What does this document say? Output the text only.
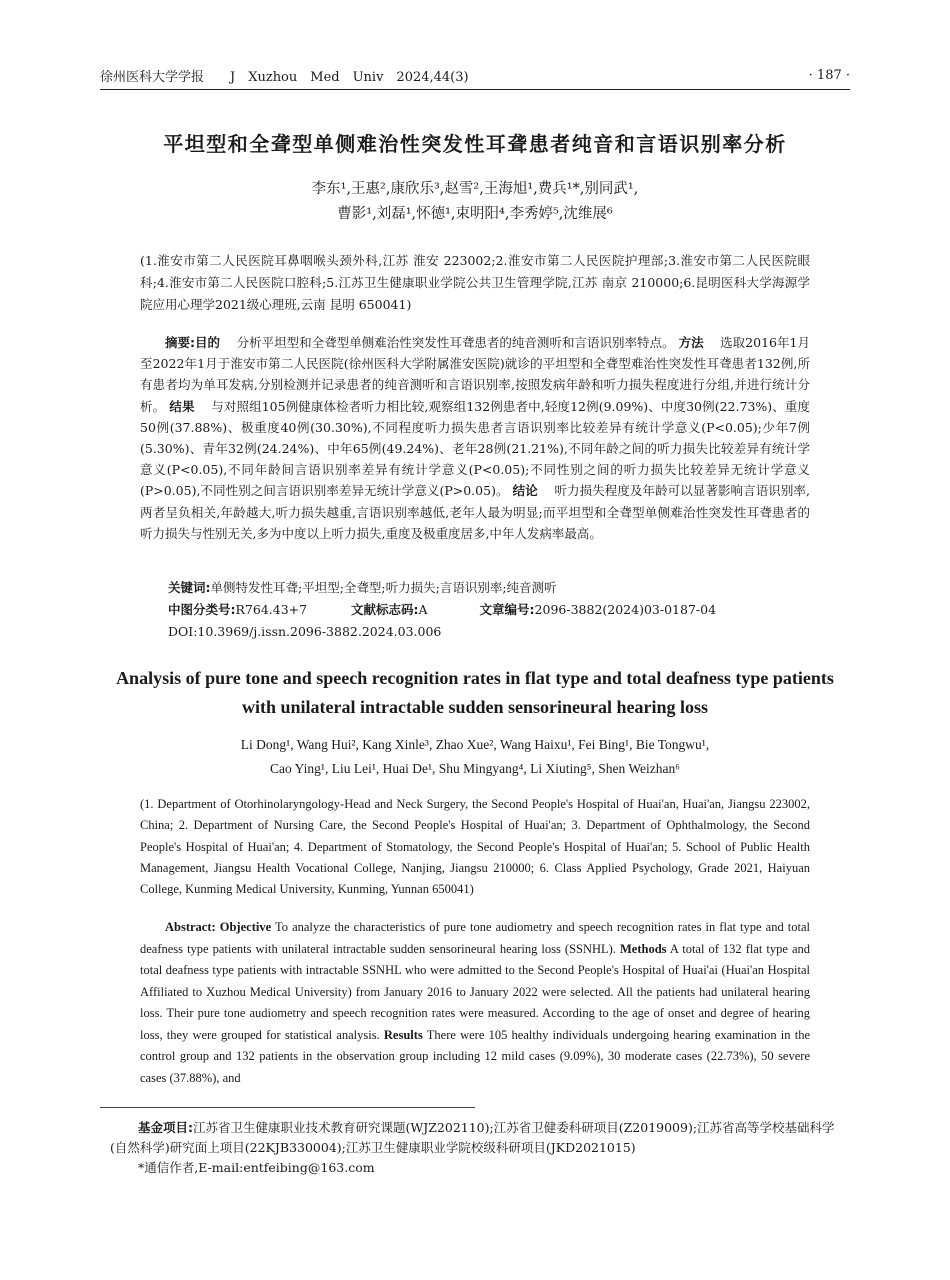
徐州医科大学学报　　J　Xuzhou　Med　Univ　2024,44(3)	· 187 ·
平坦型和全聋型单侧难治性突发性耳聋患者纯音和言语识别率分析
李东¹,王惠²,康欣乐³,赵雪²,王海旭¹,费兵¹*,别同武¹,
曹影¹,刘磊¹,怀德¹,束明阳⁴,李秀婷⁵,沈维展⁶
(1.淮安市第二人民医院耳鼻咽喉头颈外科,江苏 淮安 223002;2.淮安市第二人民医院护理部;3.淮安市第二人民医院眼科;4.淮安市第二人民医院口腔科;5.江苏卫生健康职业学院公共卫生管理学院,江苏 南京 210000;6.昆明医科大学海源学院应用心理学2021级心理班,云南 昆明 650041)
摘要:目的 　 分析平坦型和全聋型单侧难治性突发性耳聋患者的纯音测听和言语识别率特点。 方法 　 选取2016年1月至2022年1月于淮安市第二人民医院(徐州医科大学附属淮安医院)就诊的平坦型和全聋型难治性突发性耳聋患者132例,所有患者均为单耳发病,分别检测并记录患者的纯音测听和言语识别率,按照发病年龄和听力损失程度进行分组,并进行统计分析。 结果 　 与对照组105例健康体检者听力相比较,观察组132例患者中,轻度12例(9.09%)、中度30例(22.73%)、重度50例(37.88%)、极重度40例(30.30%),不同程度听力损失患者言语识别率比较差异有统计学意义(P<0.05);少年7例(5.30%)、青年32例(24.24%)、中年65例(49.24%)、老年28例(21.21%),不同年龄之间的听力损失比较差异有统计学意义(P<0.05),不同年龄间言语识别率差异有统计学意义(P<0.05);不同性别之间的听力损失比较差异无统计学意义(P>0.05),不同性别之间言语识别率差异无统计学意义(P>0.05)。 结论 　 听力损失程度及年龄可以显著影响言语识别率,两者呈负相关,年龄越大,听力损失越重,言语识别率越低,老年人最为明显;而平坦型和全聋型单侧难治性突发性耳聋患者的听力损失与性别无关,多为中度以上听力损失,重度及极重度居多,中年人发病率最高。
关键词:单侧特发性耳聋;平坦型;全聋型;听力损失;言语识别率;纯音测听
中图分类号:R764.43+7	文献标志码:A	文章编号:2096-3882(2024)03-0187-04
DOI:10.3969/j.issn.2096-3882.2024.03.006
Analysis of pure tone and speech recognition rates in flat type and total deafness type patients with unilateral intractable sudden sensorineural hearing loss
Li Dong¹, Wang Hui², Kang Xinle³, Zhao Xue², Wang Haixu¹, Fei Bing¹, Bie Tongwu¹,
Cao Ying¹, Liu Lei¹, Huai De¹, Shu Mingyang⁴, Li Xiuting⁵, Shen Weizhan⁶
(1. Department of Otorhinolaryngology-Head and Neck Surgery, the Second People's Hospital of Huai'an, Huai'an, Jiangsu 223002, China; 2. Department of Nursing Care, the Second People's Hospital of Huai'an; 3. Department of Ophthalmology, the Second People's Hospital of Huai'an; 4. Department of Stomatology, the Second People's Hospital of Huai'an; 5. School of Public Health Management, Jiangsu Health Vocational College, Nanjing, Jiangsu 210000; 6. Class Applied Psychology, Grade 2021, Haiyuan College, Kunming Medical University, Kunming, Yunnan 650041)
Abstract: Objective To analyze the characteristics of pure tone audiometry and speech recognition rates in flat type and total deafness type patients with unilateral intractable sudden sensorineural hearing loss (SSNHL). Methods A total of 132 flat type and total deafness type patients with intractable SSNHL who were admitted to the Second People's Hospital of Huai'ai (Huai'an Hospital Affiliated to Xuzhou Medical University) from January 2016 to January 2022 were selected. All the patients had unilateral hearing loss. Their pure tone audiometry and speech recognition rates were measured. According to the age of onset and degree of hearing loss, they were grouped for statistical analysis. Results There were 105 healthy individuals undergoing hearing examination in the control group and 132 patients in the observation group including 12 mild cases (9.09%), 30 moderate cases (22.73%), 50 severe cases (37.88%), and
基金项目:江苏省卫生健康职业技术教育研究课题(WJZ202110);江苏省卫健委科研项目(Z2019009);江苏省高等学校基础科学(自然科学)研究面上项目(22KJB330004);江苏卫生健康职业学院校级科研项目(JKD2021015)
*通信作者,E-mail:entfeibing@163.com
